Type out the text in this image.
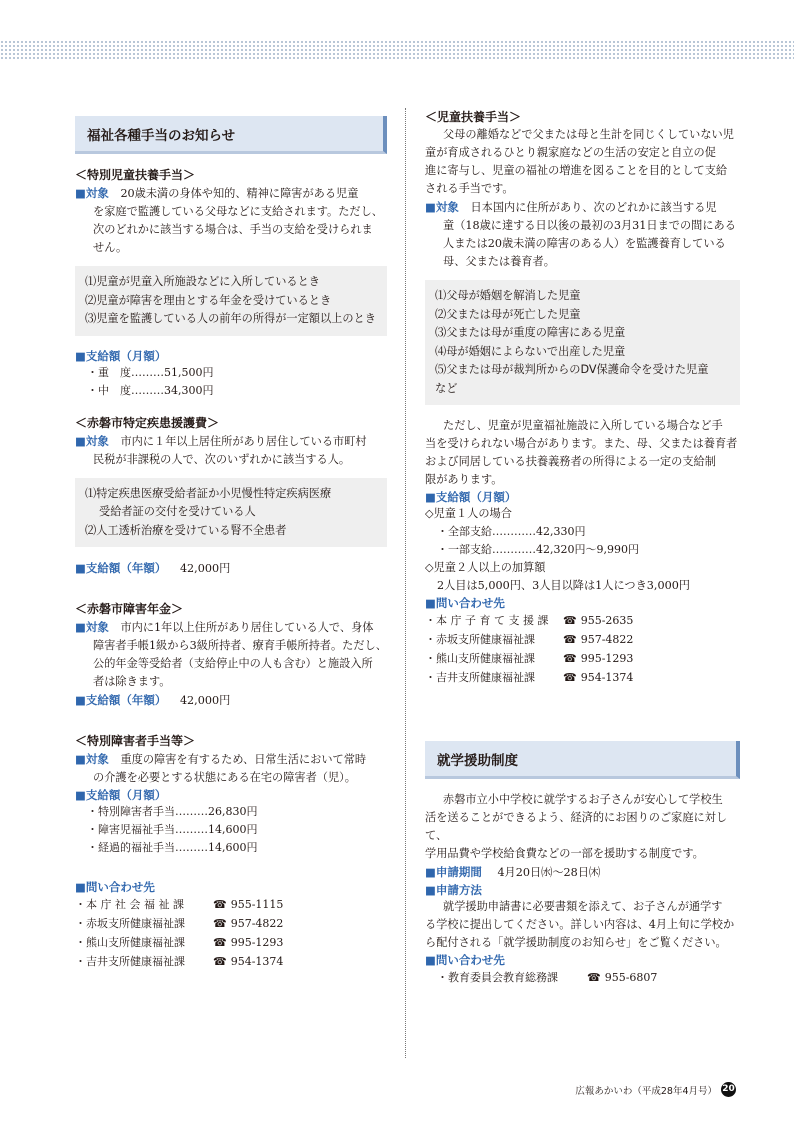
福祉各種手当のお知らせ
＜特別児童扶養手当＞
■ 対象 20歳未満の身体や知的、精神に障害がある児童
を家庭で監護している父母などに支給されます。ただし、
次のどれかに該当する場合は、手当の支給を受けられま
せん。
⑴児童が児童入所施設などに入所しているとき
⑵児童が障害を理由とする年金を受けているとき
⑶児童を監護している人の前年の所得が一定額以上のとき
■ 支給額（月額）
・ 重　度………51,500円
・ 中　度………34,300円
＜赤磐市特定疾患援護費＞
■ 対象 市内に１年以上居住所があり居住している市町村
民税が非課税の人で、次のいずれかに該当する人。
⑴特定疾患医療受給者証か小児慢性特定疾病医療
受給者証の交付を受けている人
⑵人工透析治療を受けている腎不全患者
■ 支給額（年額） 42,000円
＜赤磐市障害年金＞
■ 対象 市内に1年以上住所があり居住している人で、身体
障害者手帳1級から3級所持者、療育手帳所持者。ただし、
公的年金等受給者（支給停止中の人も含む）と施設入所
者は除きます。
■ 支給額（年額） 42,000円
＜特別障害者手当等＞
■ 対象 重度の障害を有するため、日常生活において常時
の介護を必要とする状態にある在宅の障害者（児）。
■ 支給額（月額）
・ 特別障害者手当………26,830円
・ 障害児福祉手当………14,600円
・ 経過的福祉手当………14,600円
■ 問い合わせ先
・本 庁 社 会 福 祉 課	☎ 955-1115
・赤坂支所健康福祉課	☎ 957-4822
・熊山支所健康福祉課	☎ 995-1293
・吉井支所健康福祉課	☎ 954-1374
＜児童扶養手当＞
父母の離婚などで父または母と生計を同じくしていない児
童が育成されるひとり親家庭などの生活の安定と自立の促
進に寄与し、児童の福祉の増進を図ることを目的として支給
される手当です。
■ 対象 日本国内に住所があり、次のどれかに該当する児
童（18歳に達する日以後の最初の3月31日までの間にある
人または20歳未満の障害のある人）を監護養育している
母、父または養育者。
⑴父母が婚姻を解消した児童
⑵父または母が死亡した児童
⑶父または母が重度の障害にある児童
⑷母が婚姻によらないで出産した児童
⑸父または母が裁判所からのDV保護命令を受けた児童　など
ただし、児童が児童福祉施設に入所している場合など手
当を受けられない場合があります。また、母、父または養育者
および同居している扶養義務者の所得による一定の支給制
限があります。
■ 支給額（月額）
◇児童１人の場合
・ 全部支給…………42,330円
・ 一部支給…………42,320円～9,990円
◇児童２人以上の加算額
2人目は5,000円、3人目以降は1人につき3,000円
■ 問い合わせ先
・本 庁 子 育 て 支 援 課	☎ 955-2635
・赤坂支所健康福祉課	☎ 957-4822
・熊山支所健康福祉課	☎ 995-1293
・吉井支所健康福祉課	☎ 954-1374
就学援助制度
赤磐市立小中学校に就学するお子さんが安心して学校生
活を送ることができるよう、経済的にお困りのご家庭に対して、
学用品費や学校給食費などの一部を援助する制度です。
■ 申請期間 4月20日㈬～28日㈭
■ 申請方法
就学援助申請書に必要書類を添えて、お子さんが通学す
る学校に提出してください。詳しい内容は、4月上旬に学校か
ら配付される「就学援助制度のお知らせ」をご覧ください。
■ 問い合わせ先
・教育委員会教育総務課	☎ 955-6807
広報あかいわ（平成28年4月号） 20
